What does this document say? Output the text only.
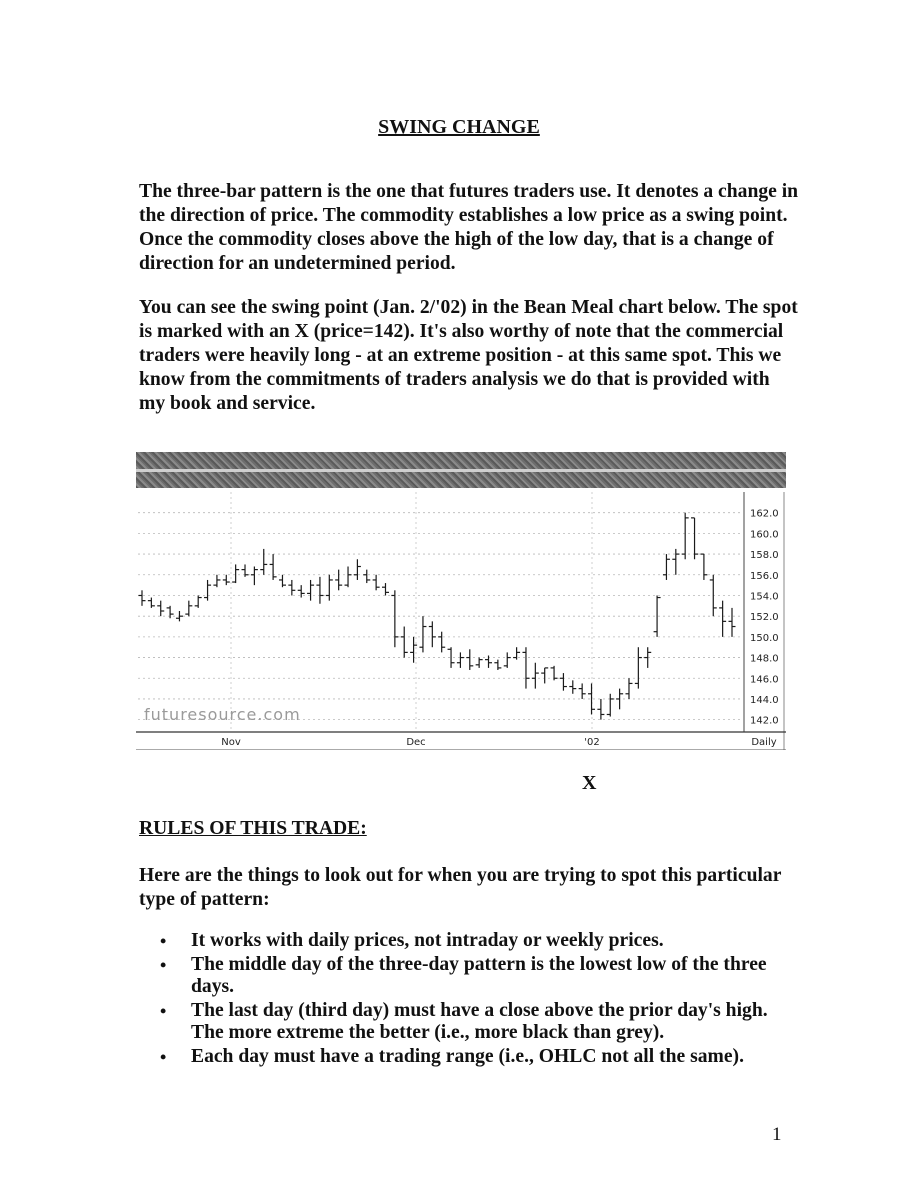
SWING CHANGE

The three-bar pattern is the one that futures traders use. It denotes a change in the direction of price. The commodity establishes a low price as a swing point. Once the commodity closes above the high of the low day, that is a change of direction for an undetermined period.

You can see the swing point (Jan. 2/'02) in the Bean Meal chart below. The spot is marked with an X (price=142). It's also worthy of note that the commercial traders were heavily long - at an extreme position - at this same spot. This we know from the commitments of traders analysis we do that is provided with my book and service.

162.0
160.0
158.0
156.0
154.0
152.0
150.0
148.0
146.0
144.0
142.0
Nov	Dec	'02	Daily
futuresource.com
X
RULES OF THIS TRADE:

Here are the things to look out for when you are trying to spot this particular type of pattern:

• It works with daily prices, not intraday or weekly prices.
• The middle day of the three-day pattern is the lowest low of the three days.
• The last day (third day) must have a close above the prior day's high. The more extreme the better (i.e., more black than grey).
• Each day must have a trading range (i.e., OHLC not all the same).
1
